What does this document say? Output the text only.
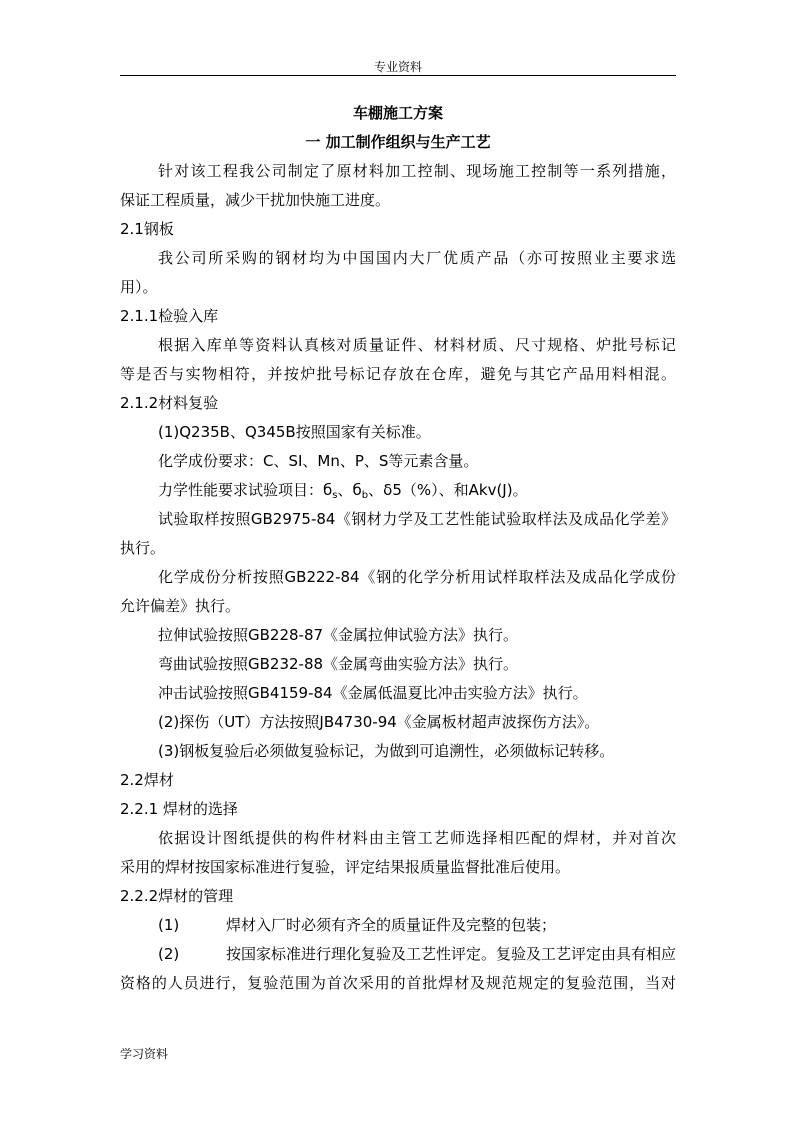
专业资料
车棚施工方案
一 加工制作组织与生产工艺
针对该工程我公司制定了原材料加工控制、现场施工控制等一系列措施，
保证工程质量，减少干扰加快施工进度。
2.1钢板
我公司所采购的钢材均为中国国内大厂优质产品（亦可按照业主要求选
用）。
2.1.1检验入库
根据入库单等资料认真核对质量证件、材料材质、尺寸规格、炉批号标记
等是否与实物相符，并按炉批号标记存放在仓库，避免与其它产品用料相混。
2.1.2材料复验
(1)Q235B、Q345B按照国家有关标准。
化学成份要求：C、SI、Mn、P、S等元素含量。
力学性能要求试验项目：$б_s$、$б_b$、δ5（%）、和Akv(J)。
试验取样按照GB2975-84《钢材力学及工艺性能试验取样法及成品化学差》
执行。
化学成份分析按照GB222-84《钢的化学分析用试样取样法及成品化学成份
允许偏差》执行。
拉伸试验按照GB228-87《金属拉伸试验方法》执行。
弯曲试验按照GB232-88《金属弯曲实验方法》执行。
冲击试验按照GB4159-84《金属低温夏比冲击实验方法》执行。
(2)探伤（UT）方法按照JB4730-94《金属板材超声波探伤方法》。
(3)钢板复验后必须做复验标记，为做到可追溯性，必须做标记转移。
2.2焊材
2.2.1 焊材的选择
依据设计图纸提供的构件材料由主管工艺师选择相匹配的焊材，并对首次
采用的焊材按国家标准进行复验，评定结果报质量监督批准后使用。
2.2.2焊材的管理
(1)	焊材入厂时必须有齐全的质量证件及完整的包装；
(2)	按国家标准进行理化复验及工艺性评定。复验及工艺评定由具有相应
资格的人员进行，复验范围为首次采用的首批焊材及规范规定的复验范围，当对
学习资料
